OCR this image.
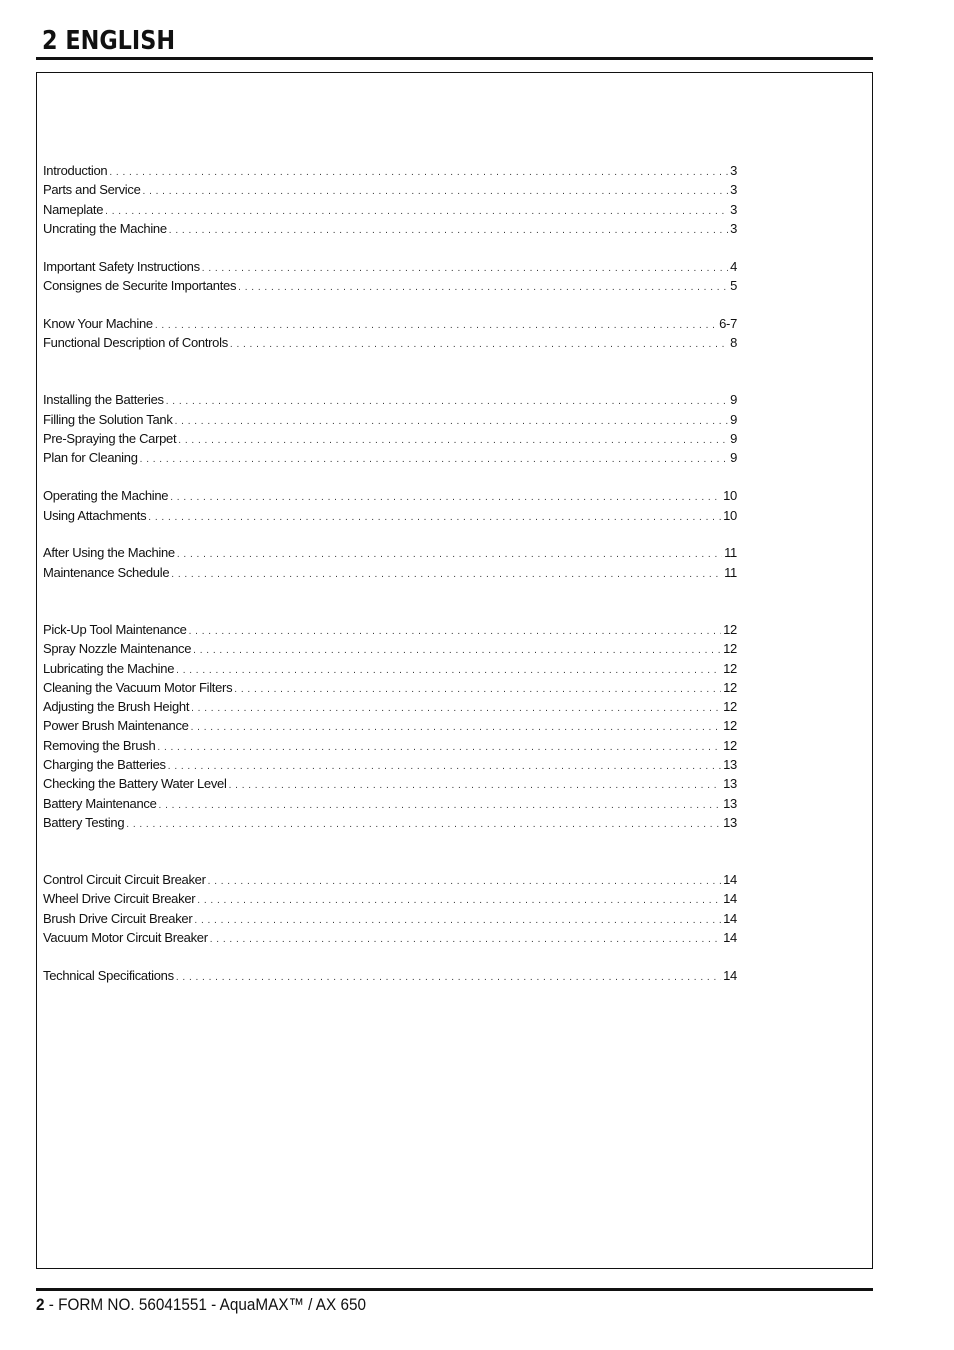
2 ENGLISH
Introduction . . .	3
Parts and Service . . .	3
Nameplate . . .	3
Uncrating the Machine . . .	3
Important Safety Instructions . . .	4
Consignes de Securite Importantes . . .	5
Know Your Machine . . .	6-7
Functional Description of Controls . . .	8
Installing the Batteries . . .	9
Filling the Solution Tank . . .	9
Pre-Spraying the Carpet . . .	9
Plan for Cleaning . . .	9
Operating the Machine . . .	10
Using Attachments . . .	10
After Using the Machine . . .	11
Maintenance Schedule . . .	11
Pick-Up Tool Maintenance . . .	12
Spray Nozzle Maintenance . . .	12
Lubricating the Machine . . .	12
Cleaning the Vacuum Motor Filters . . .	12
Adjusting the Brush Height . . .	12
Power Brush Maintenance . . .	12
Removing the Brush . . .	12
Charging the Batteries . . .	13
Checking the Battery Water Level . . .	13
Battery Maintenance . . .	13
Battery Testing . . .	13
Control Circuit Circuit Breaker . . .	14
Wheel Drive Circuit Breaker . . .	14
Brush Drive Circuit Breaker . . .	14
Vacuum Motor Circuit Breaker . . .	14
Technical Specifications . . .	14
2 - FORM NO. 56041551 - AquaMAX™ / AX 650
